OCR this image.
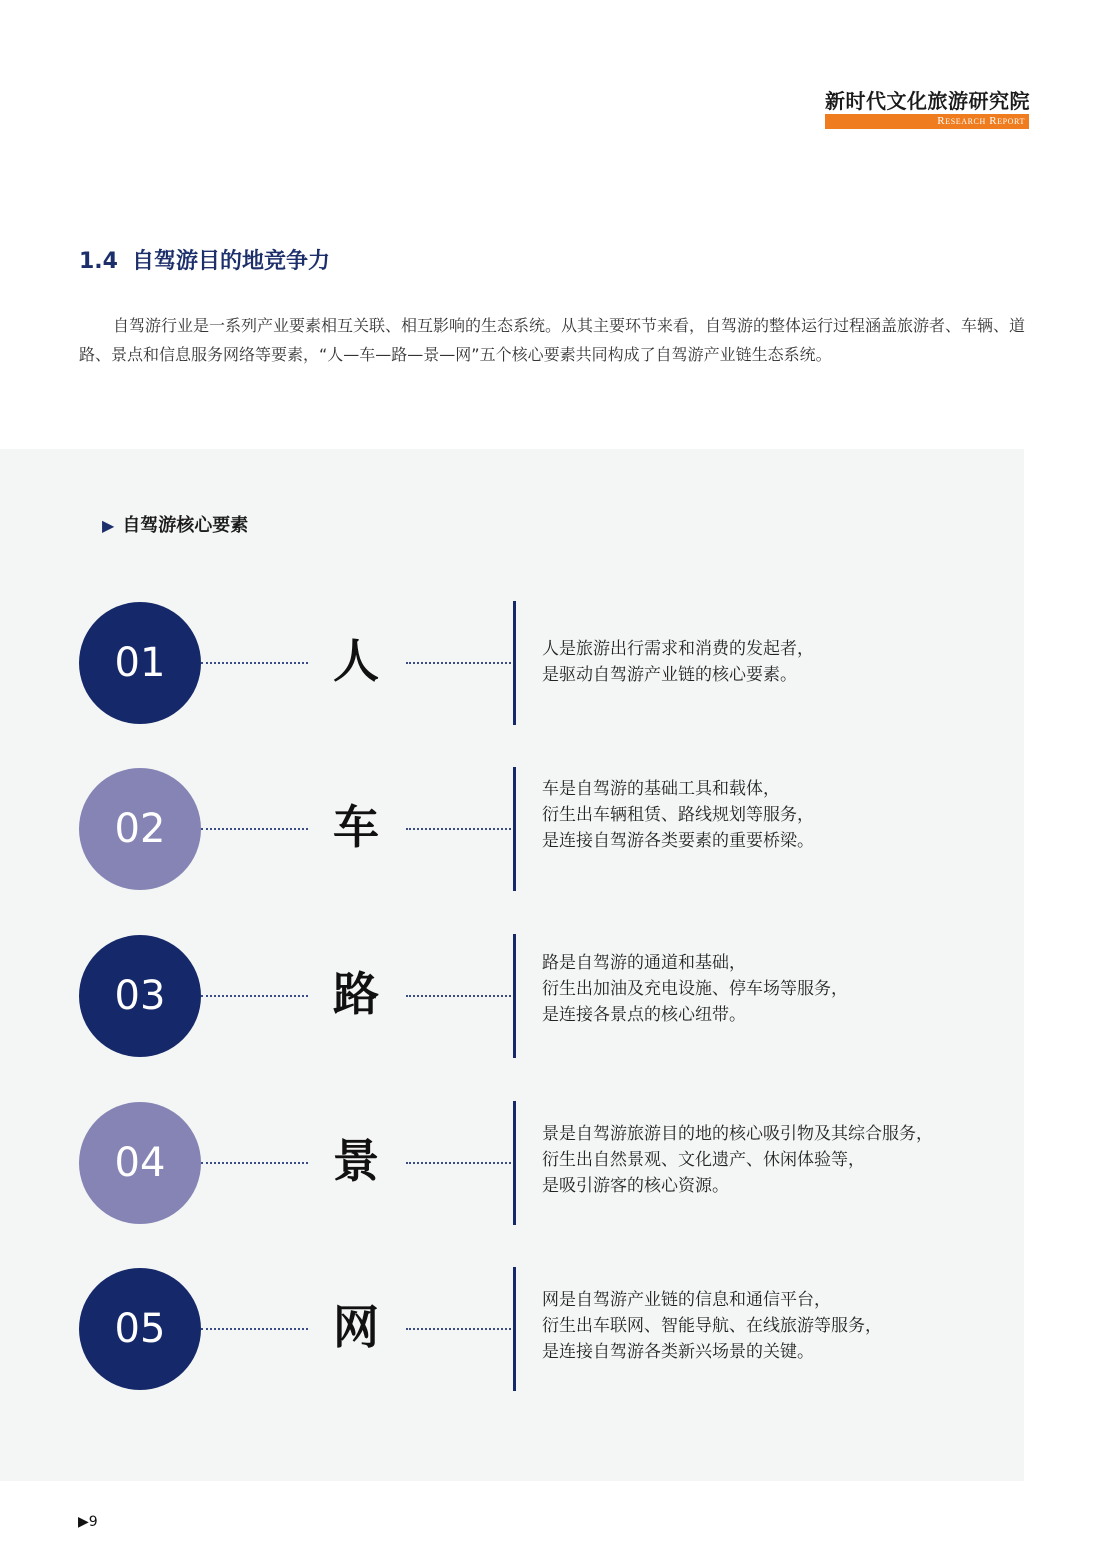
新时代文化旅游研究院
Research Report
1.4 自驾游目的地竞争力

自驾游行业是一系列产业要素相互关联、相互影响的生态系统。从其主要环节来看，自驾游的整体运行过程涵盖旅游者、车辆、道路、景点和信息服务网络等要素，“人—车—路—景—网”五个核心要素共同构成了自驾游产业链生态系统。

▶ 自驾游核心要素
01	人	人是旅游出行需求和消费的发起者，
是驱动自驾游产业链的核心要素。
02	车
车是自驾游的基础工具和载体，
衍生出车辆租赁、路线规划等服务，
是连接自驾游各类要素的重要桥梁。
03	路
路是自驾游的通道和基础，
衍生出加油及充电设施、停车场等服务，
是连接各景点的核心纽带。
04	景	景是自驾游旅游目的地的核心吸引物及其综合服务，
衍生出自然景观、文化遗产、休闲体验等，
是吸引游客的核心资源。
05	网	网是自驾游产业链的信息和通信平台，
衍生出车联网、智能导航、在线旅游等服务，
是连接自驾游各类新兴场景的关键。
▶9
